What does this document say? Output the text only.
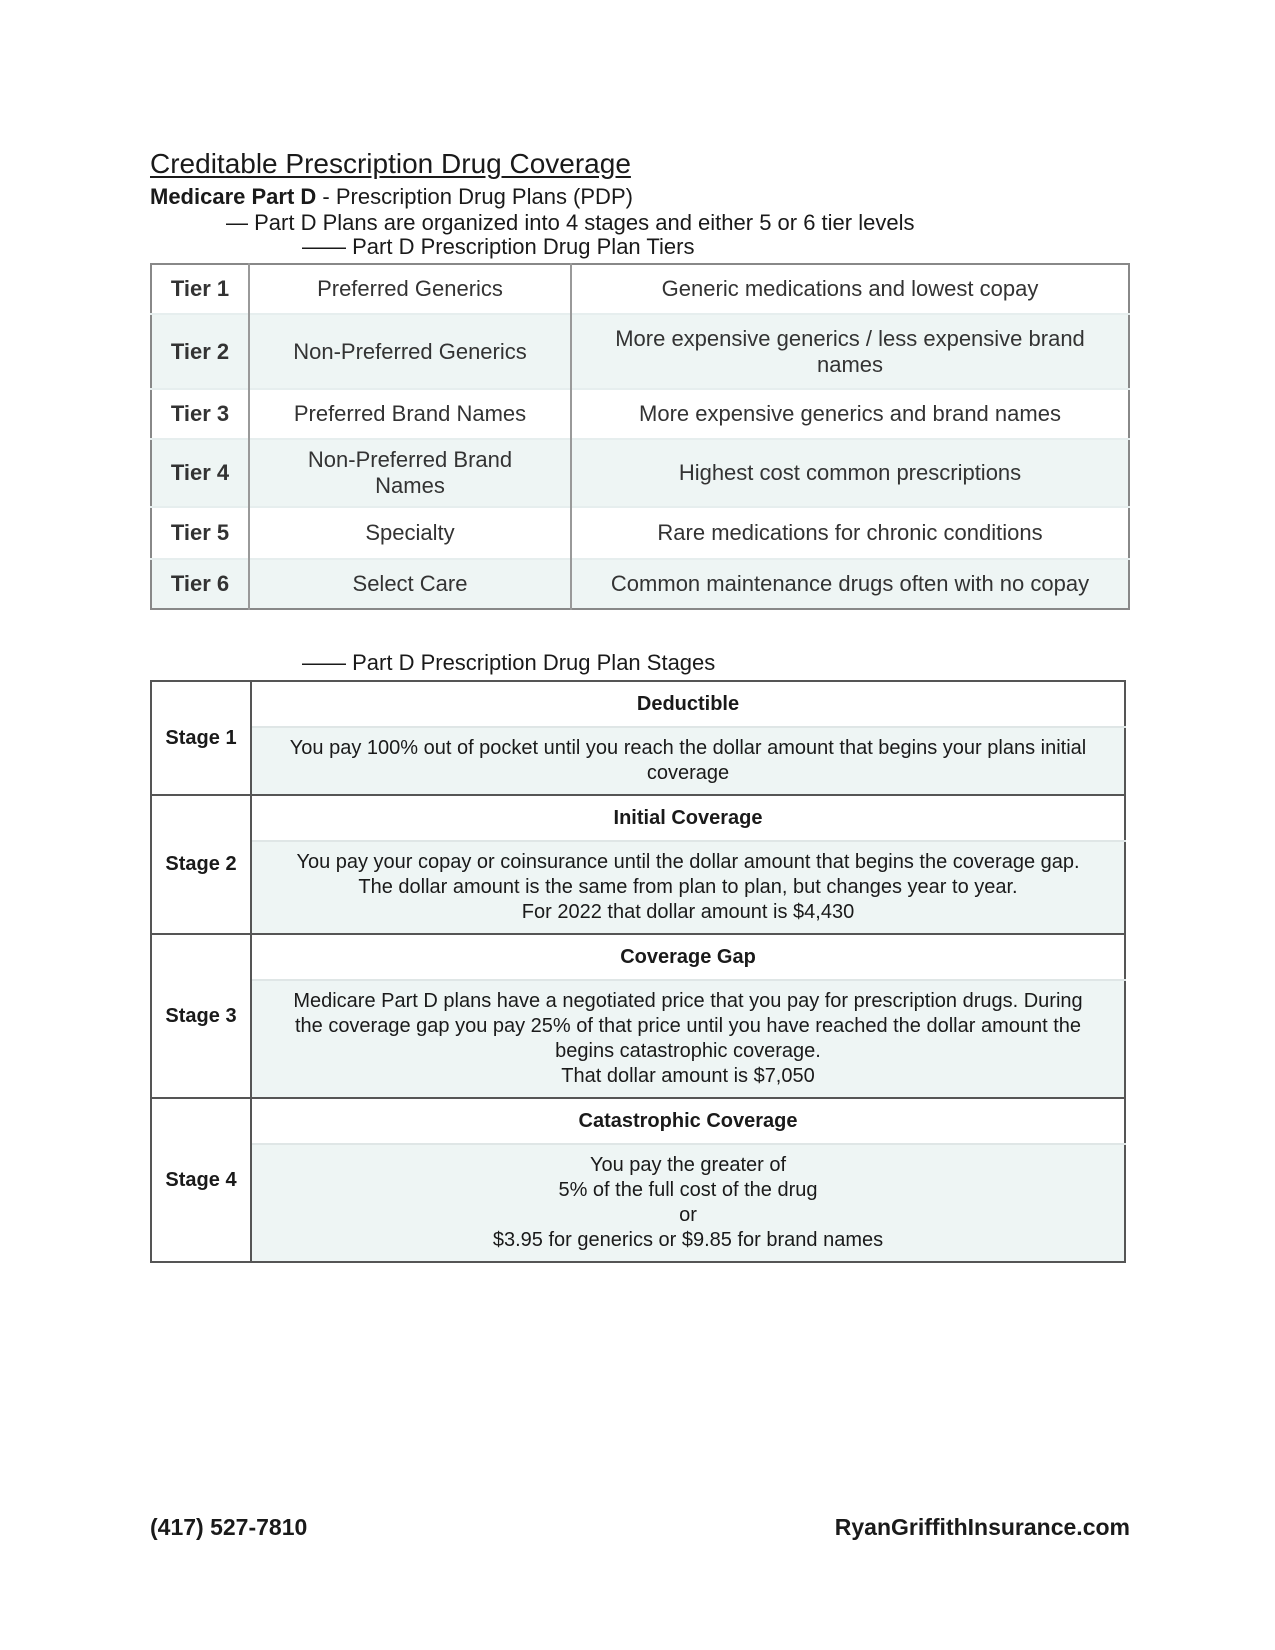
Creditable Prescription Drug Coverage
Medicare Part D - Prescription Drug Plans (PDP)
— Part D Plans are organized into 4 stages and either 5 or 6 tier levels
—— Part D Prescription Drug Plan Tiers
Tier 1	Preferred Generics	Generic medications and lowest copay
Tier 2	Non-Preferred Generics	More expensive generics / less expensive brand names
Tier 3	Preferred Brand Names	More expensive generics and brand names
Tier 4	Non-Preferred Brand Names	Highest cost common prescriptions
Tier 5	Specialty	Rare medications for chronic conditions
Tier 6	Select Care	Common maintenance drugs often with no copay
—— Part D Prescription Drug Plan Stages
Stage 1	Deductible

	You pay 100% out of pocket until you reach the dollar amount that begins your plans initial
coverage

Stage 2	Initial Coverage

	You pay your copay or coinsurance until the dollar amount that begins the coverage gap.
The dollar amount is the same from plan to plan, but changes year to year.
For 2022 that dollar amount is $4,430

Stage 3	Coverage Gap

	Medicare Part D plans have a negotiated price that you pay for prescription drugs. During
the coverage gap you pay 25% of that price until you have reached the dollar amount the
begins catastrophic coverage.
That dollar amount is $7,050

Stage 4	Catastrophic Coverage

	You pay the greater of
5% of the full cost of the drug
or
$3.95 for generics or $9.85 for brand names
(417) 527-7810	RyanGriffithInsurance.com
